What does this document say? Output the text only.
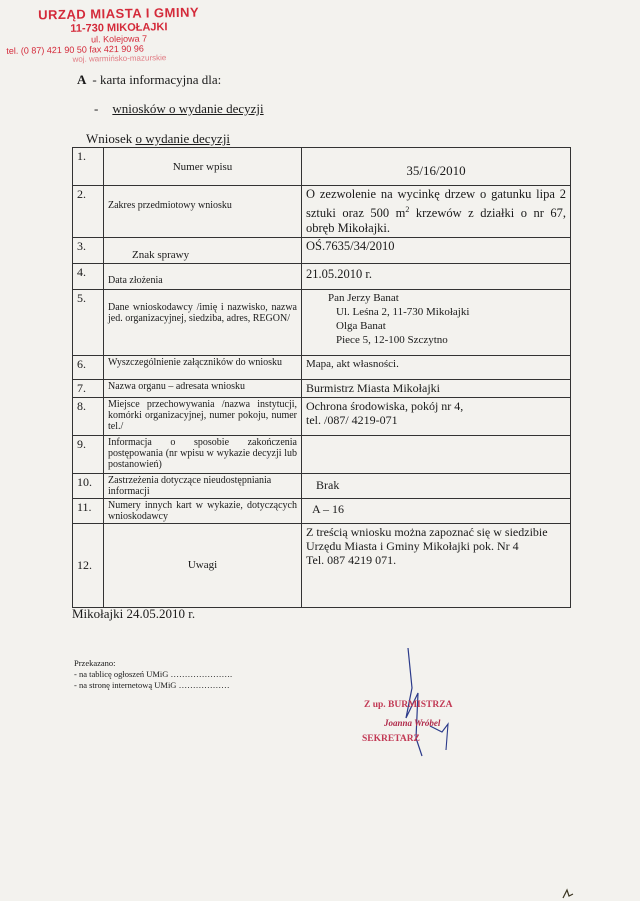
URZĄD MIASTA I GMINY
11-730 MIKOŁAJKI
ul. Kolejowa 7
tel. (0 87) 421 90 50 fax 421 90 96
woj. warmińsko-mazurskie
A - karta informacyjna dla:
- wniosków o wydanie decyzji
Wniosek o wydanie decyzji
1.	Numer wpisu	35/16/2010
2.	Zakres przedmiotowy wniosku	O zezwolenie na wycinkę drzew o gatunku lipa 2 sztuki oraz 500 $m^2$ krzewów z działki o nr 67, obręb Mikołajki.
3.	Znak sprawy	OŚ.7635/34/2010
4.	Data złożenia	21.05.2010 r.
5.	Dane wnioskodawcy /imię i nazwisko, nazwa jed. organizacyjnej, siedziba, adres, REGON/	Pan Jerzy Banat
Ul. Leśna 2, 11-730 Mikołajki
Olga Banat
Piece 5, 12-100 Szczytno

6.	Wyszczególnienie załączników do wniosku	Mapa, akt własności.
7.	Nazwa organu – adresata wniosku	Burmistrz Miasta Mikołajki
8.	Miejsce przechowywania /nazwa instytucji, komórki organizacyjnej, numer pokoju, numer tel./	Ochrona środowiska, pokój nr 4,
tel. /087/ 4219-071

9.	Informacja o sposobie zakończenia postępowania (nr wpisu w wykazie decyzji lub postanowień)	
10.	Zastrzeżenia dotyczące nieudostępniania informacji	Brak
11.	Numery innych kart w wykazie, dotyczących wnioskodawcy	A – 16
12.	Uwagi	Z treścią wniosku można zapoznać się w siedzibie Urzędu Miasta i Gminy Mikołajki pok. Nr 4
Tel. 087 4219 071.
Mikołajki 24.05.2010 r.
Przekazano:
- na tablicę ogłoszeń UMiG ………………….
- na stronę internetową UMiG ………………
Z up. BURMISTRZA
Joanna Wróbel
SEKRETARZ
